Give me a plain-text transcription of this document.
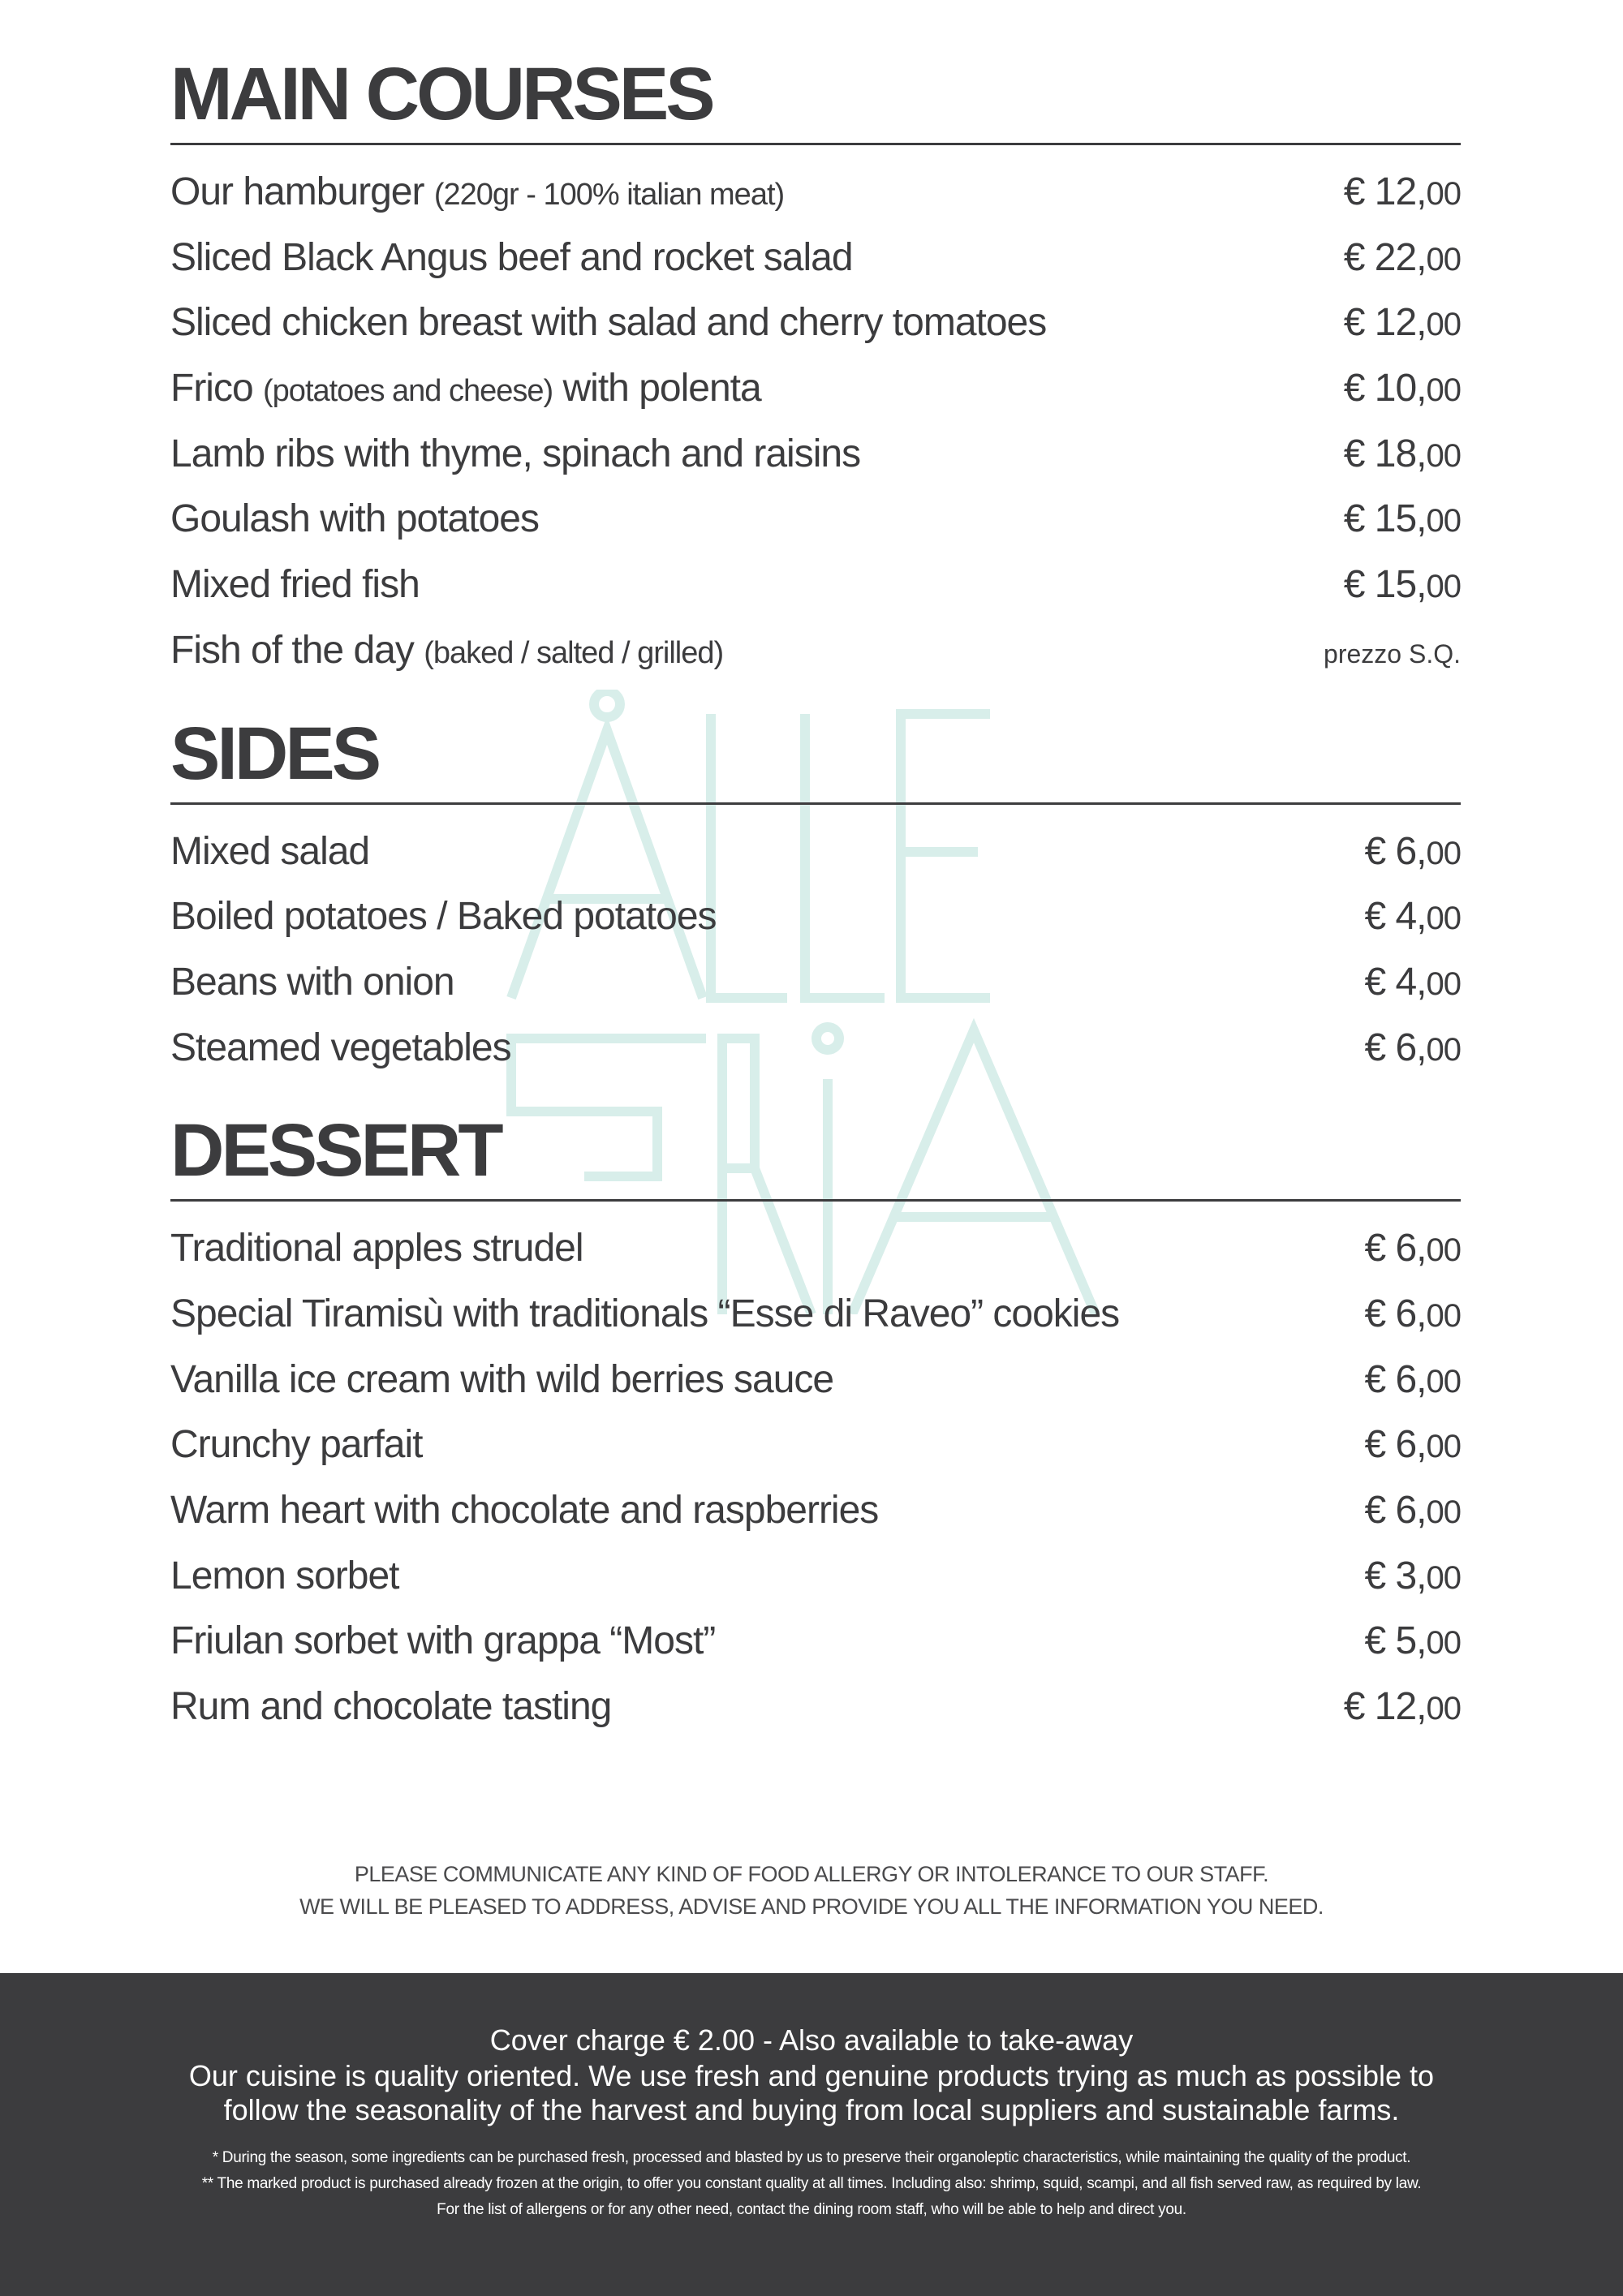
MAIN COURSES
Our hamburger (220gr - 100% italian meat)	€ 12,00
Sliced Black Angus beef and rocket salad	€ 22,00
Sliced chicken breast with salad and cherry tomatoes	€ 12,00
Frico (potatoes and cheese) with polenta	€ 10,00
Lamb ribs with thyme, spinach and raisins	€ 18,00
Goulash with potatoes	€ 15,00
Mixed fried fish	€ 15,00
Fish of the day (baked / salted / grilled)	prezzo S.Q.
SIDES
Mixed salad	€ 6,00
Boiled potatoes / Baked potatoes	€ 4,00
Beans with onion	€ 4,00
Steamed vegetables	€ 6,00
DESSERT
Traditional apples strudel	€ 6,00
Special Tiramisù with traditionals “Esse di Raveo” cookies	€ 6,00
Vanilla ice cream with wild berries sauce	€ 6,00
Crunchy parfait	€ 6,00
Warm heart with chocolate and raspberries	€ 6,00
Lemon sorbet	€ 3,00
Friulan sorbet with grappa “Most”	€ 5,00
Rum and chocolate tasting	€ 12,00
PLEASE COMMUNICATE ANY KIND OF FOOD ALLERGY OR INTOLERANCE TO OUR STAFF.
WE WILL BE PLEASED TO ADDRESS, ADVISE AND PROVIDE YOU ALL THE INFORMATION YOU NEED.
Cover charge € 2.00 - Also available to take-away
Our cuisine is quality oriented. We use fresh and genuine products trying as much as possible to follow the seasonality of the harvest and buying from local suppliers and sustainable farms.
* During the season, some ingredients can be purchased fresh, processed and blasted by us to preserve their organoleptic characteristics, while maintaining the quality of the product.
** The marked product is purchased already frozen at the origin, to offer you constant quality at all times. Including also: shrimp, squid, scampi, and all fish served raw, as required by law.
For the list of allergens or for any other need, contact the dining room staff, who will be able to help and direct you.
